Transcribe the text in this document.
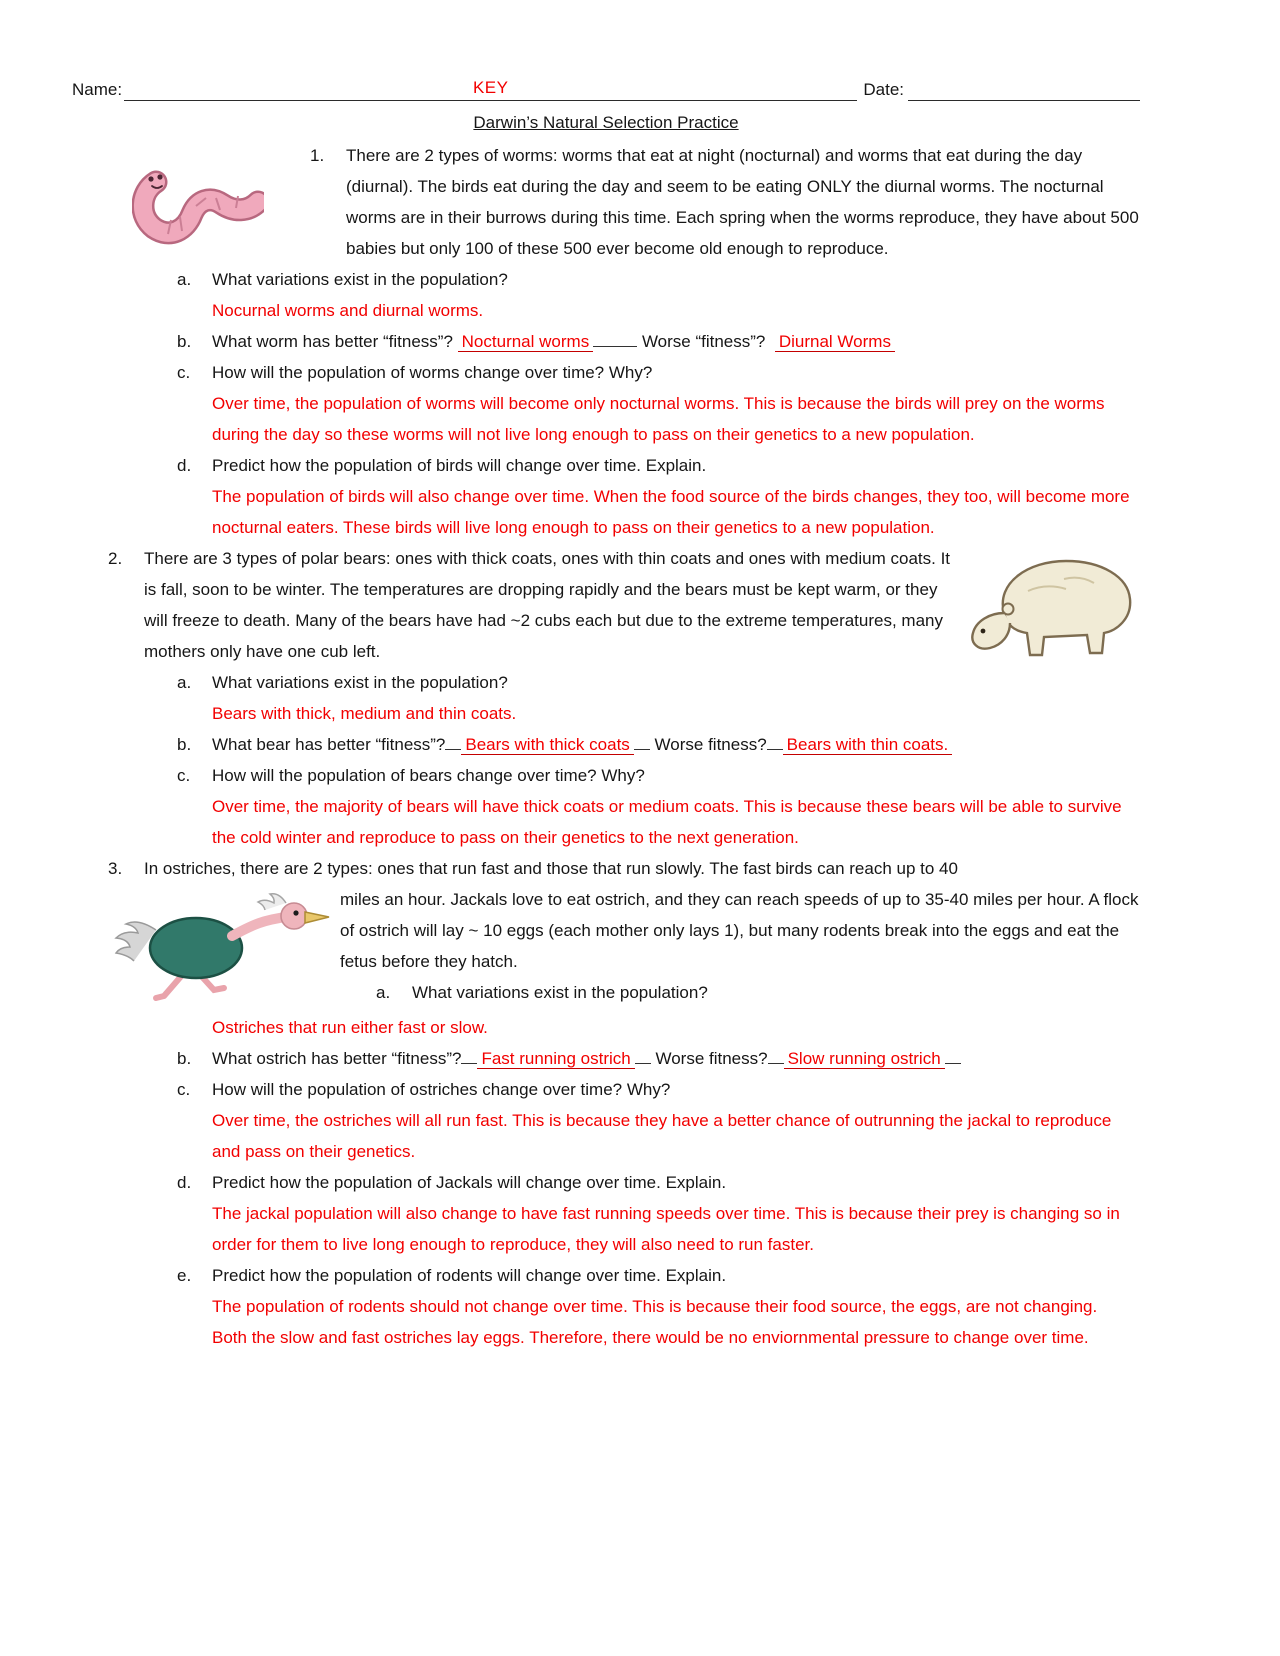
Name:	KEY	Date:
Darwin’s Natural Selection Practice
1.	There are 2 types of worms: worms that eat at night (nocturnal) and worms that eat during the day (diurnal). The birds eat during the day and seem to be eating ONLY the diurnal worms. The nocturnal worms are in their burrows during this time. Each spring when the worms reproduce, they have about 500 babies but only 100 of these 500 ever become old enough to reproduce.
a.	What variations exist in the population?
Nocurnal worms and diurnal worms.
b.	What worm has better “fitness”? Nocturnal worms	Worse “fitness”? Diurnal Worms
c.	How will the population of worms change over time? Why?
Over time, the population of worms will become only nocturnal worms. This is because the birds will prey on the worms during the day so these worms will not live long enough to pass on their genetics to a new population.
d.	Predict how the population of birds will change over time. Explain.
The population of birds will also change over time. When the food source of the birds changes, they too, will become more nocturnal eaters. These birds will live long enough to pass on their genetics to a new population.
2.	There are 3 types of polar bears: ones with thick coats, ones with thin coats and ones with medium coats. It is fall, soon to be winter. The temperatures are dropping rapidly and the bears must be kept warm, or they will freeze to death. Many of the bears have had ~2 cubs each but due to the extreme temperatures, many mothers only have one cub left.
a.	What variations exist in the population?
Bears with thick, medium and thin coats.
b.	What bear has better “fitness”? Bears with thick coats Worse fitness? Bears with thin coats.
c.	How will the population of bears change over time? Why?
Over time, the majority of bears will have thick coats or medium coats. This is because these bears will be able to survive the cold winter and reproduce to pass on their genetics to the next generation.
3.	In ostriches, there are 2 types: ones that run fast and those that run slowly. The fast birds can reach up to 40
miles an hour. Jackals love to eat ostrich, and they can reach speeds of up to 35-40 miles per hour. A flock of ostrich will lay ~ 10 eggs (each mother only lays 1), but many rodents break into the eggs and eat the fetus before they hatch.
a.	What variations exist in the population?
Ostriches that run either fast or slow.
b.	What ostrich has better “fitness”? Fast running ostrich Worse fitness? Slow running ostrich
c.	How will the population of ostriches change over time? Why?
Over time, the ostriches will all run fast. This is because they have a better chance of outrunning the jackal to reproduce and pass on their genetics.
d.	Predict how the population of Jackals will change over time. Explain.
The jackal population will also change to have fast running speeds over time. This is because their prey is changing so in order for them to live long enough to reproduce, they will also need to run faster.
e.	Predict how the population of rodents will change over time. Explain.
The population of rodents should not change over time. This is because their food source, the eggs, are not changing. Both the slow and fast ostriches lay eggs. Therefore, there would be no enviornmental pressure to change over time.
